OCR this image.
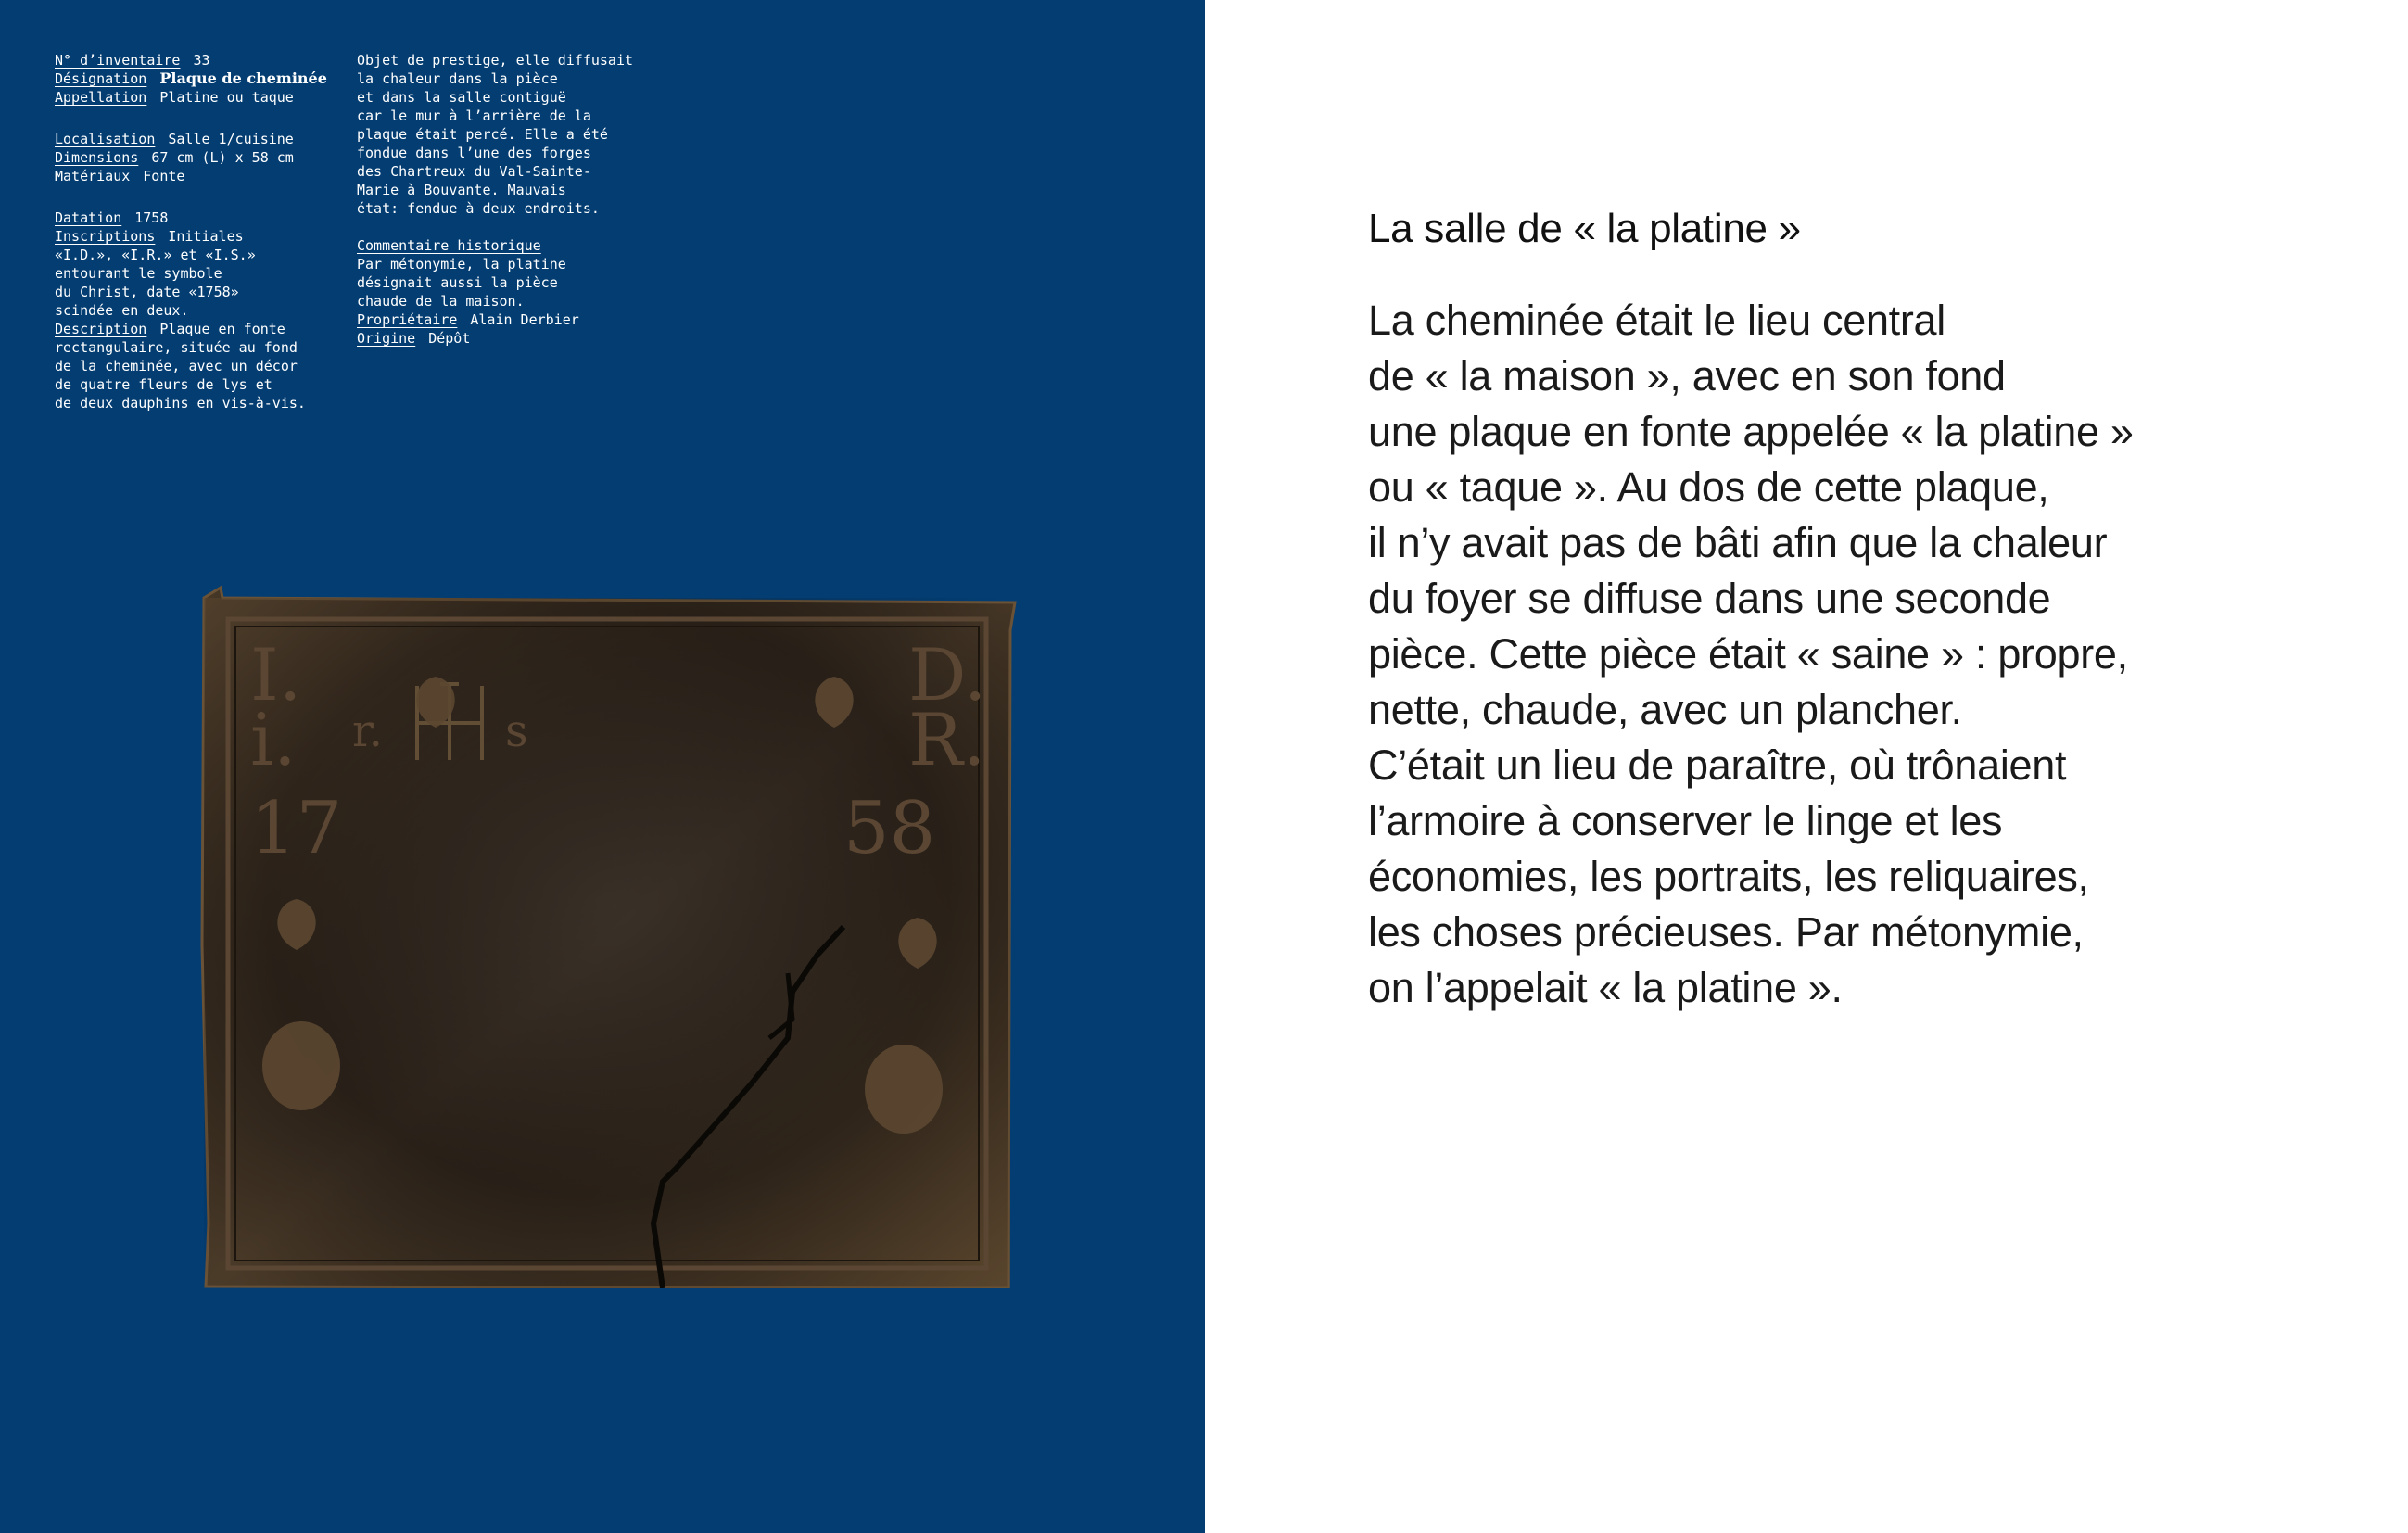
N° d’inventaire 33

Désignation Plaque de cheminée

Appellation Platine ou taque

Localisation Salle 1/cuisine

Dimensions 67 cm (L) x 58 cm

Matériaux Fonte

Datation 1758

Inscriptions Initiales
«I.D.», «I.R.» et «I.S.»
entourant le symbole
du Christ, date «1758»
scindée en deux.

Description Plaque en fonte
rectangulaire, située au fond
de la cheminée, avec un décor
de quatre fleurs de lys et
de deux dauphins en vis-à-vis.

Objet de prestige, elle diffusait
la chaleur dans la pièce
et dans la salle contiguë
car le mur à l’arrière de la
plaque était percé. Elle a été
fondue dans l’une des forges
des Chartreux du Val-Sainte-
Marie à Bouvante. Mauvais
état: fendue à deux endroits.

Commentaire historique

Par métonymie, la platine
désignait aussi la pièce
chaude de la maison.

Propriétaire Alain Derbier

Origine Dépôt

I.
i.
17
D.
R.
58
r.	s
La salle de « la platine »

La cheminée était le lieu central
de « la maison », avec en son fond
une plaque en fonte appelée « la platine »
ou « taque ». Au dos de cette plaque,
il n’y avait pas de bâti afin que la chaleur
du foyer se diffuse dans une seconde
pièce. Cette pièce était « saine » : propre,
nette, chaude, avec un plancher.
C’était un lieu de paraître, où trônaient
l’armoire à conserver le linge et les
économies, les portraits, les reliquaires,
les choses précieuses. Par métonymie,
on l’appelait « la platine ».
